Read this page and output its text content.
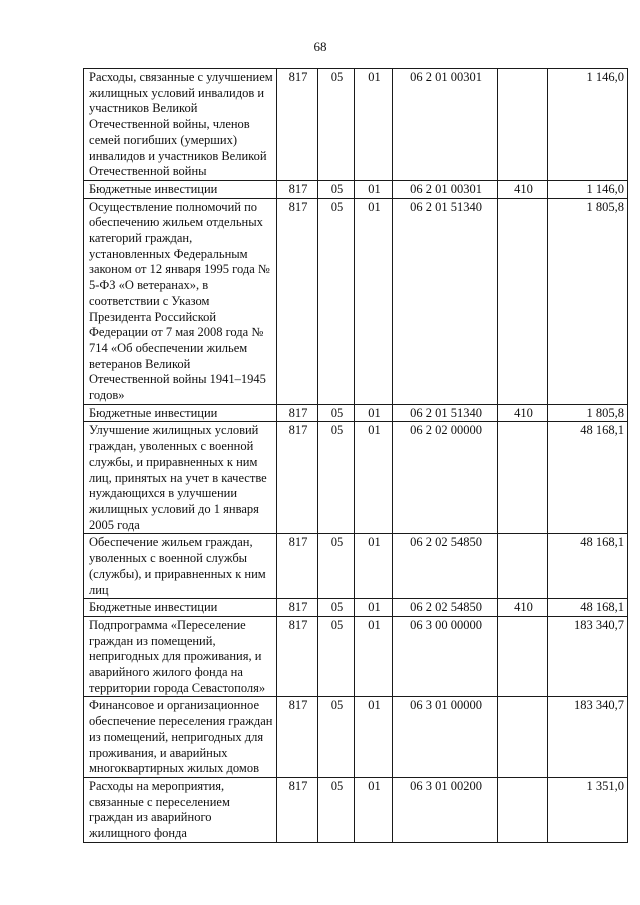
68
Расходы, связанные с улучшением жилищных условий инвалидов и участников Великой Отечественной войны, членов семей погибших (умерших) инвалидов и участников Великой Отечественной войны	817	05	01	06 2 01 00301		1 146,0
Бюджетные инвестиции	817	05	01	06 2 01 00301	410	1 146,0
Осуществление полномочий по обеспечению жильем отдельных категорий граждан, установленных Федеральным законом от 12 января 1995 года № 5-ФЗ «О ветеранах», в соответствии с Указом Президента Российской Федерации от 7 мая 2008 года № 714 «Об обеспечении жильем ветеранов Великой Отечественной войны 1941–1945 годов»	817	05	01	06 2 01 51340		1 805,8
Бюджетные инвестиции	817	05	01	06 2 01 51340	410	1 805,8
Улучшение жилищных условий граждан, уволенных с военной службы, и приравненных к ним лиц, принятых на учет в качестве нуждающихся в улучшении жилищных условий до 1 января 2005 года	817	05	01	06 2 02 00000		48 168,1
Обеспечение жильем граждан, уволенных с военной службы (службы), и приравненных к ним лиц	817	05	01	06 2 02 54850		48 168,1
Бюджетные инвестиции	817	05	01	06 2 02 54850	410	48 168,1
Подпрограмма «Переселение граждан из помещений, непригодных для проживания, и аварийного жилого фонда на территории города Севастополя»	817	05	01	06 3 00 00000		183 340,7
Финансовое и организационное обеспечение переселения граждан из помещений, непригодных для проживания, и аварийных многоквартирных жилых домов	817	05	01	06 3 01 00000		183 340,7
Расходы на мероприятия, связанные с переселением граждан из аварийного жилищного фонда	817	05	01	06 3 01 00200		1 351,0
